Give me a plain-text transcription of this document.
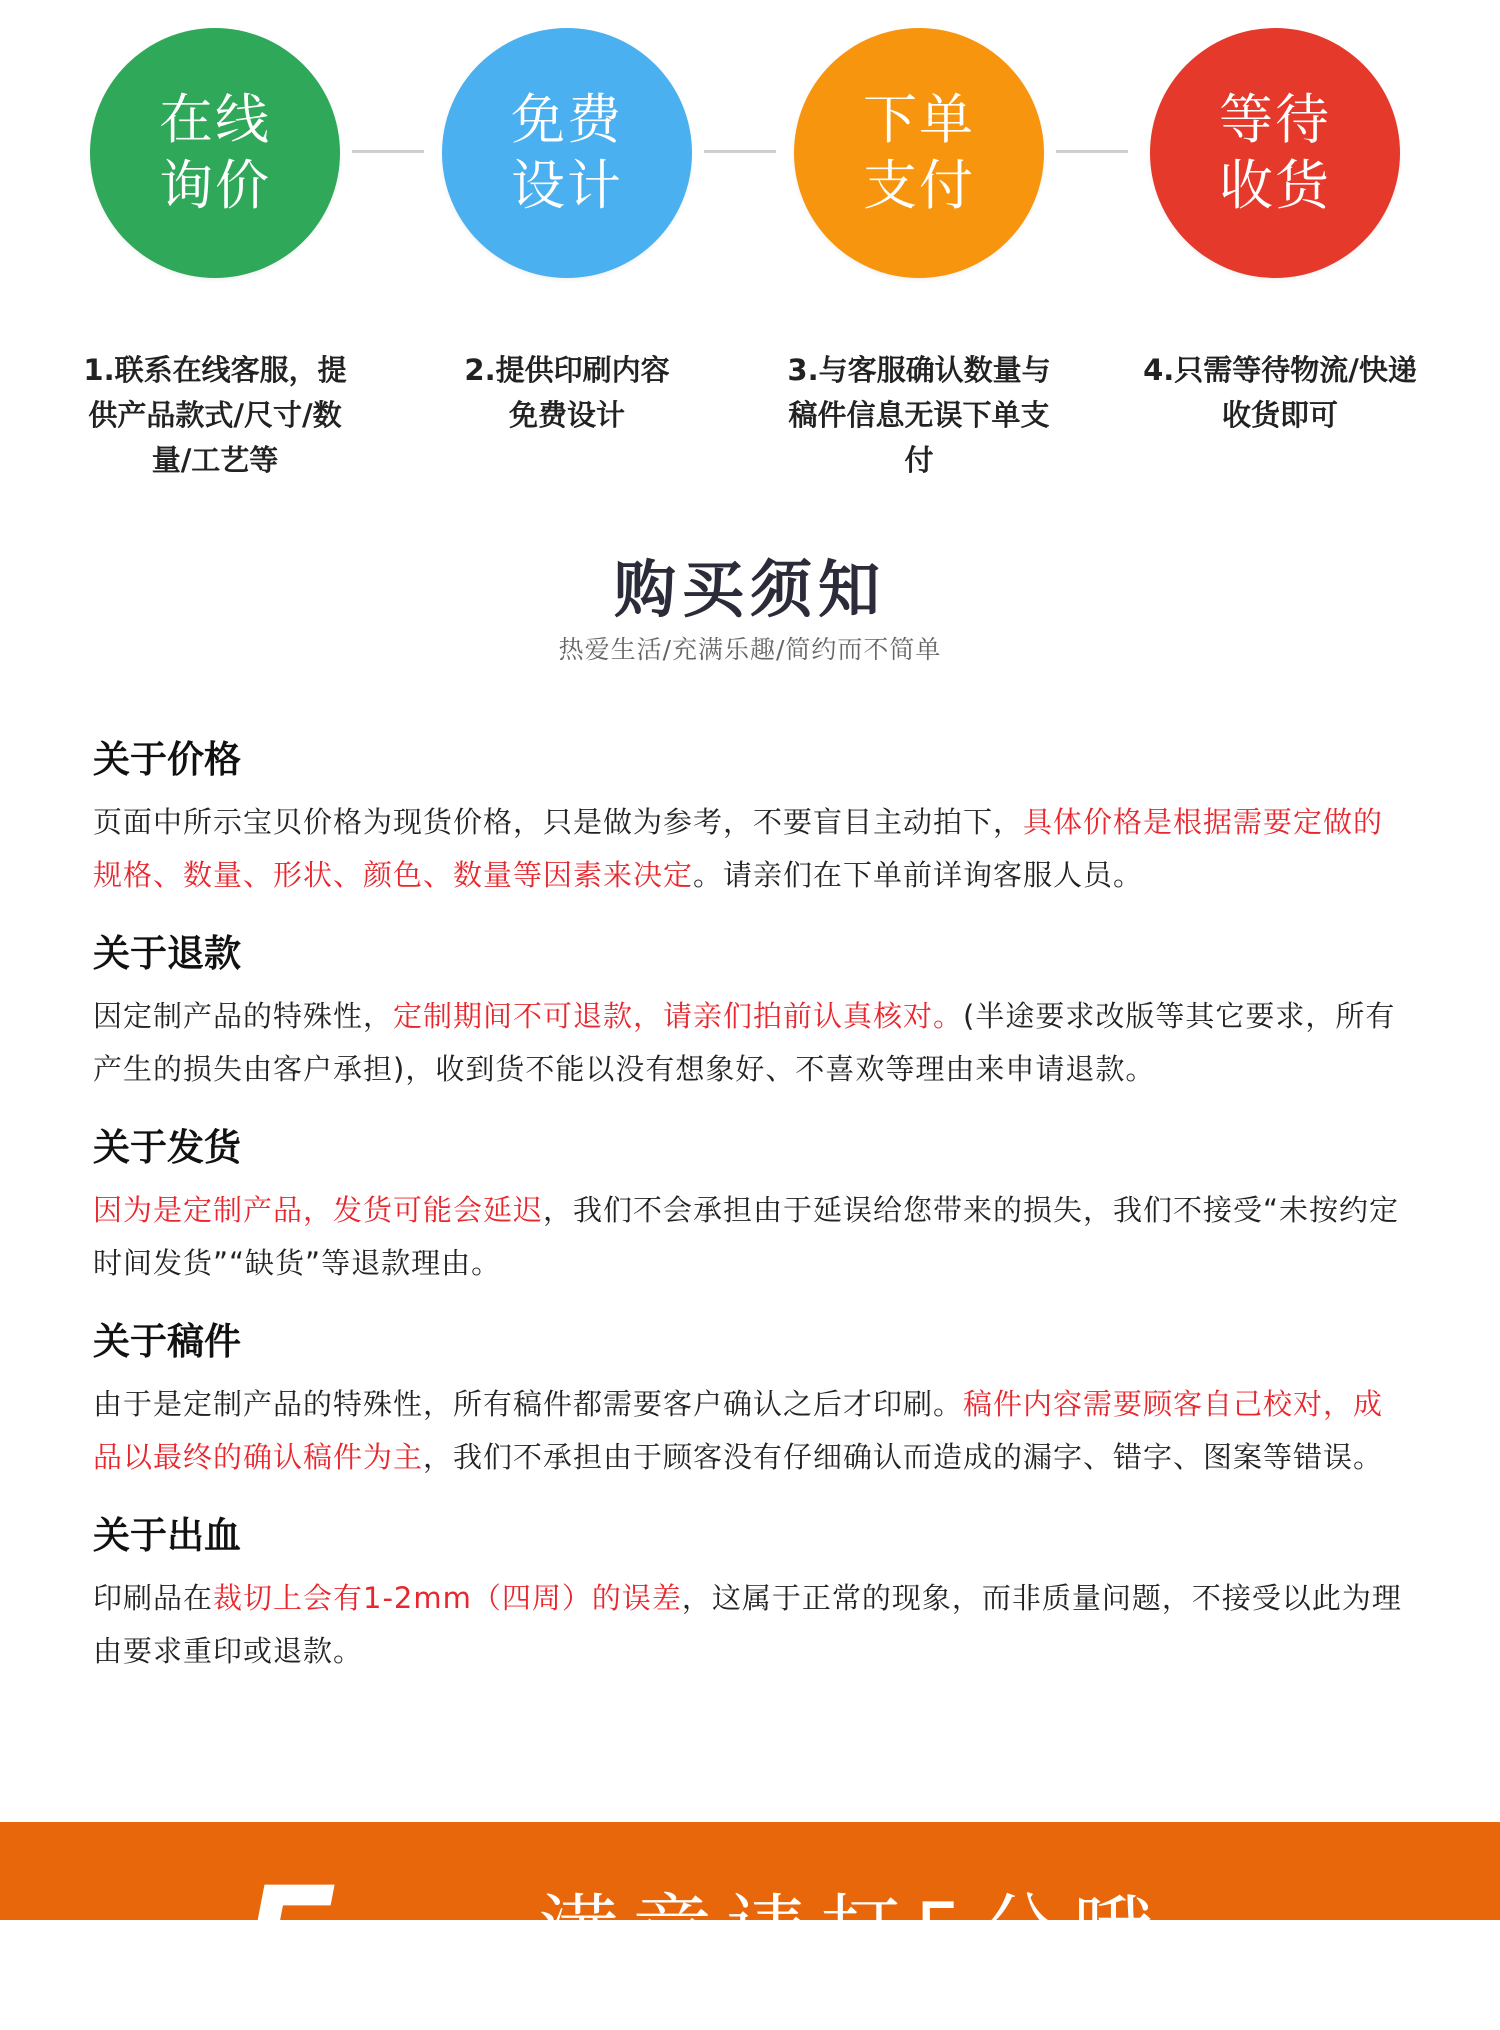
在线
询价
免费
设计
下单
支付
等待
收货
1.联系在线客服，提
供产品款式/尺寸/数
量/工艺等
2.提供印刷内容
免费设计
3.与客服确认数量与
稿件信息无误下单支
付
4.只需等待物流/快递
收货即可
购买须知
热爱生活/充满乐趣/简约而不简单
关于价格

页面中所示宝贝价格为现货价格，只是做为参考，不要盲目主动拍下，具体价格是根据需要定做的规格、数量、形状、颜色、数量等因素来决定。请亲们在下单前详询客服人员。

关于退款

因定制产品的特殊性，定制期间不可退款，请亲们拍前认真核对。(半途要求改版等其它要求，所有产生的损失由客户承担)，收到货不能以没有想象好、不喜欢等理由来申请退款。

关于发货

因为是定制产品，发货可能会延迟，我们不会承担由于延误给您带来的损失，我们不接受“未按约定时间发货”“缺货”等退款理由。

关于稿件

由于是定制产品的特殊性，所有稿件都需要客户确认之后才印刷。稿件内容需要顾客自己校对，成品以最终的确认稿件为主，我们不承担由于顾客没有仔细确认而造成的漏字、错字、图案等错误。

关于出血

印刷品在裁切上会有1-2mm（四周）的误差，这属于正常的现象，而非质量问题，不接受以此为理由要求重印或退款。

5 满意请打5分哦
